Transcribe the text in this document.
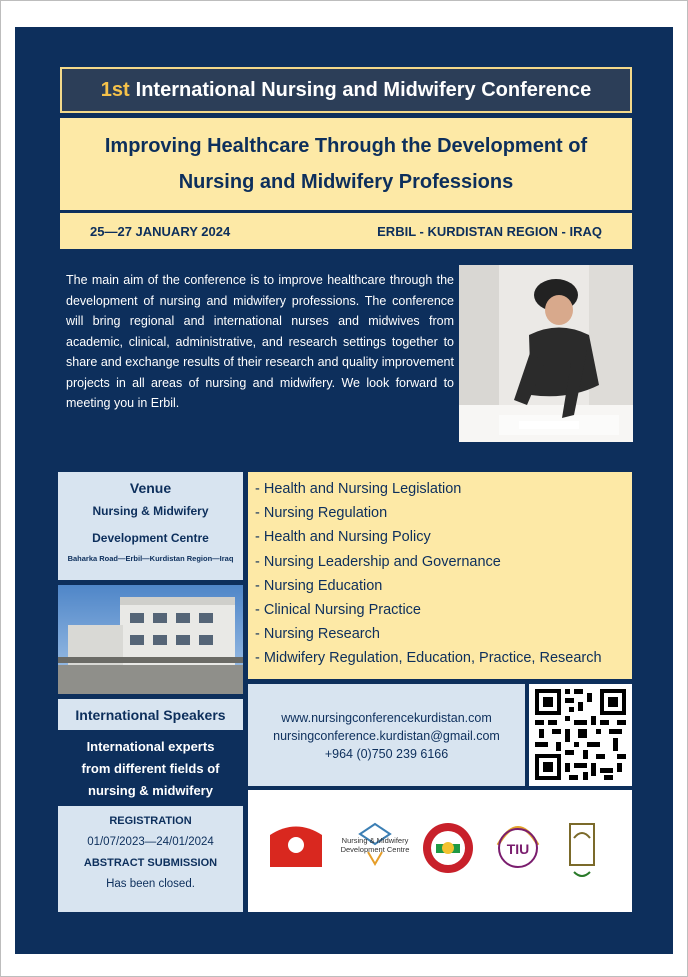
1st International Nursing and Midwifery Conference
Improving Healthcare Through the Development of
Nursing and Midwifery Professions
25—27 JANUARY 2024	ERBIL - KURDISTAN REGION - IRAQ
The main aim of the conference is to improve healthcare through the development of nursing and midwifery professions. The conference will bring regional and international nurses and midwives from academic, clinical, administrative, and research settings together to share and exchange results of their research and quality improvement projects in all areas of nursing and midwifery. We look forward to meeting you in Erbil.
Venue
Nursing & Midwifery
Development Centre
Baharka Road—Erbil—Kurdistan Region—Iraq
- Health and Nursing Legislation
- Nursing Regulation
- Health and Nursing Policy
- Nursing Leadership and Governance
- Nursing Education
- Clinical Nursing Practice
- Nursing Research
- Midwifery Regulation, Education, Practice, Research
International Speakers
International experts
from different fields of
nursing & midwifery
REGISTRATION
01/07/2023—24/01/2024
ABSTRACT SUBMISSION
Has been closed.
www.nursingconferencekurdistan.com
nursingconference.kurdistan@gmail.com
+964 (0)750 239 6166
Nursing & Midwifery
Development Centre	TIU
